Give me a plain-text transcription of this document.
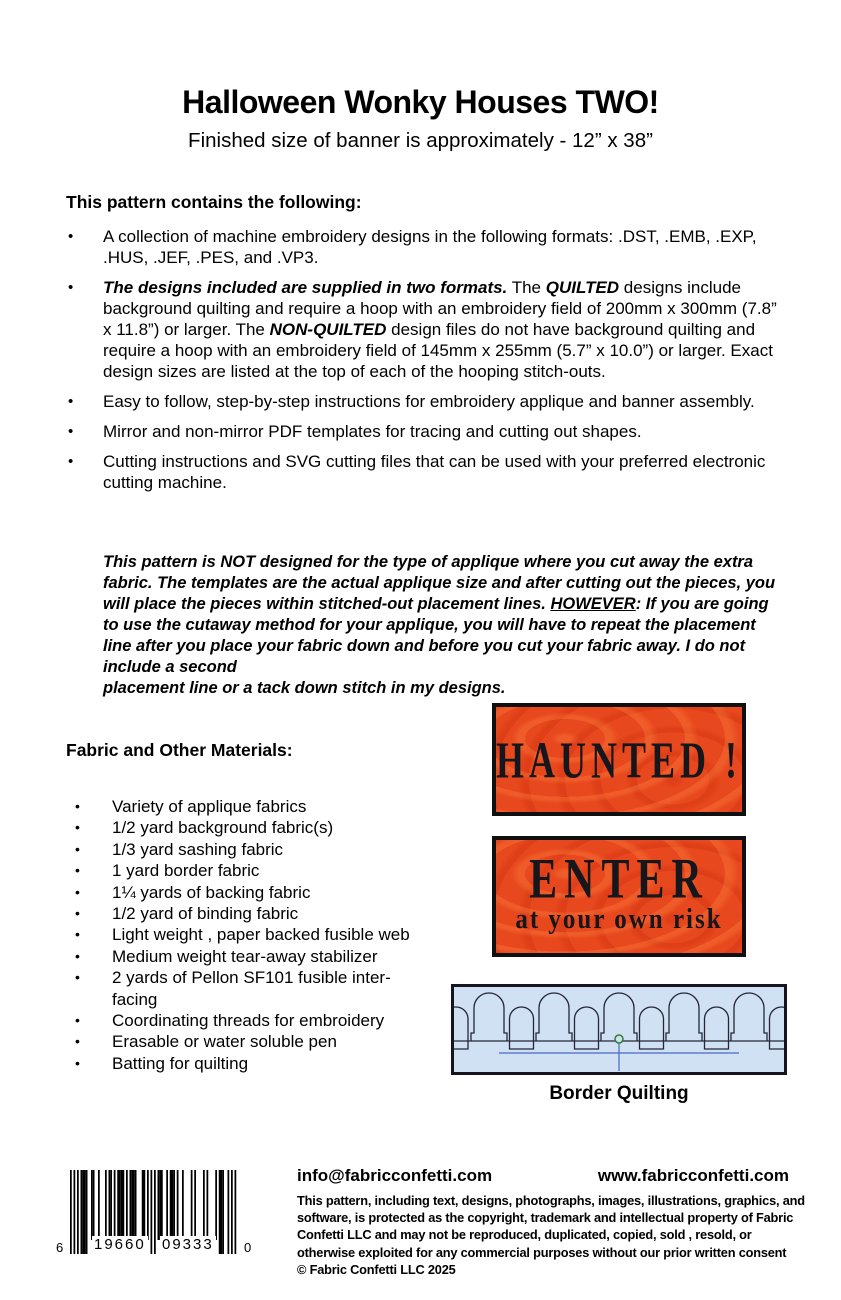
Halloween Wonky Houses TWO!
Finished size of banner is approximately - 12” x 38”
This pattern contains the following:
• A collection of machine embroidery designs in the following formats: .DST, .EMB, .EXP, .HUS, .JEF, .PES, and .VP3.
• The designs included are supplied in two formats. The QUILTED designs include background quilting and require a hoop with an embroidery field of 200mm x 300mm (7.8” x 11.8”) or larger. The NON-QUILTED design files do not have background quilting and require a hoop with an embroidery field of 145mm x 255mm (5.7” x 10.0”) or larger. Exact design sizes are listed at the top of each of the hooping stitch-outs.
• Easy to follow, step-by-step instructions for embroidery applique and banner assembly.
• Mirror and non-mirror PDF templates for tracing and cutting out shapes.
• Cutting instructions and SVG cutting files that can be used with your preferred electronic cutting machine.
This pattern is NOT designed for the type of applique where you cut away the extra fabric. The templates are the actual applique size and after cutting out the pieces, you will place the pieces within stitched-out placement lines. HOWEVER: If you are going to use the cutaway method for your applique, you will have to repeat the placement line after you place your fabric down and before you cut your fabric away. I do not include a second
placement line or a tack down stitch in my designs.
Fabric and Other Materials:
• Variety of applique fabrics
• 1/2 yard background fabric(s)
• 1/3 yard sashing fabric
• 1 yard border fabric
• 1¼ yards of backing fabric
• 1/2 yard of binding fabric
• Light weight , paper backed fusible web
• Medium weight tear-away stabilizer
• 2 yards of Pellon SF101 fusible inter-facing
• Coordinating threads for embroidery
• Erasable or water soluble pen
• Batting for quilting
HAUNTED !
ENTER
at your own risk
Border Quilting
info@fabricconfetti.com	www.fabricconfetti.com
This pattern, including text, designs, photographs, images, illustrations, graphics, and software, is protected as the copyright, trademark and intellectual property of Fabric Confetti LLC and may not be reproduced, duplicated, copied, sold , resold, or otherwise exploited for any commercial purposes without our prior written consent
© Fabric Confetti LLC 2025
6 19660 09333 0
